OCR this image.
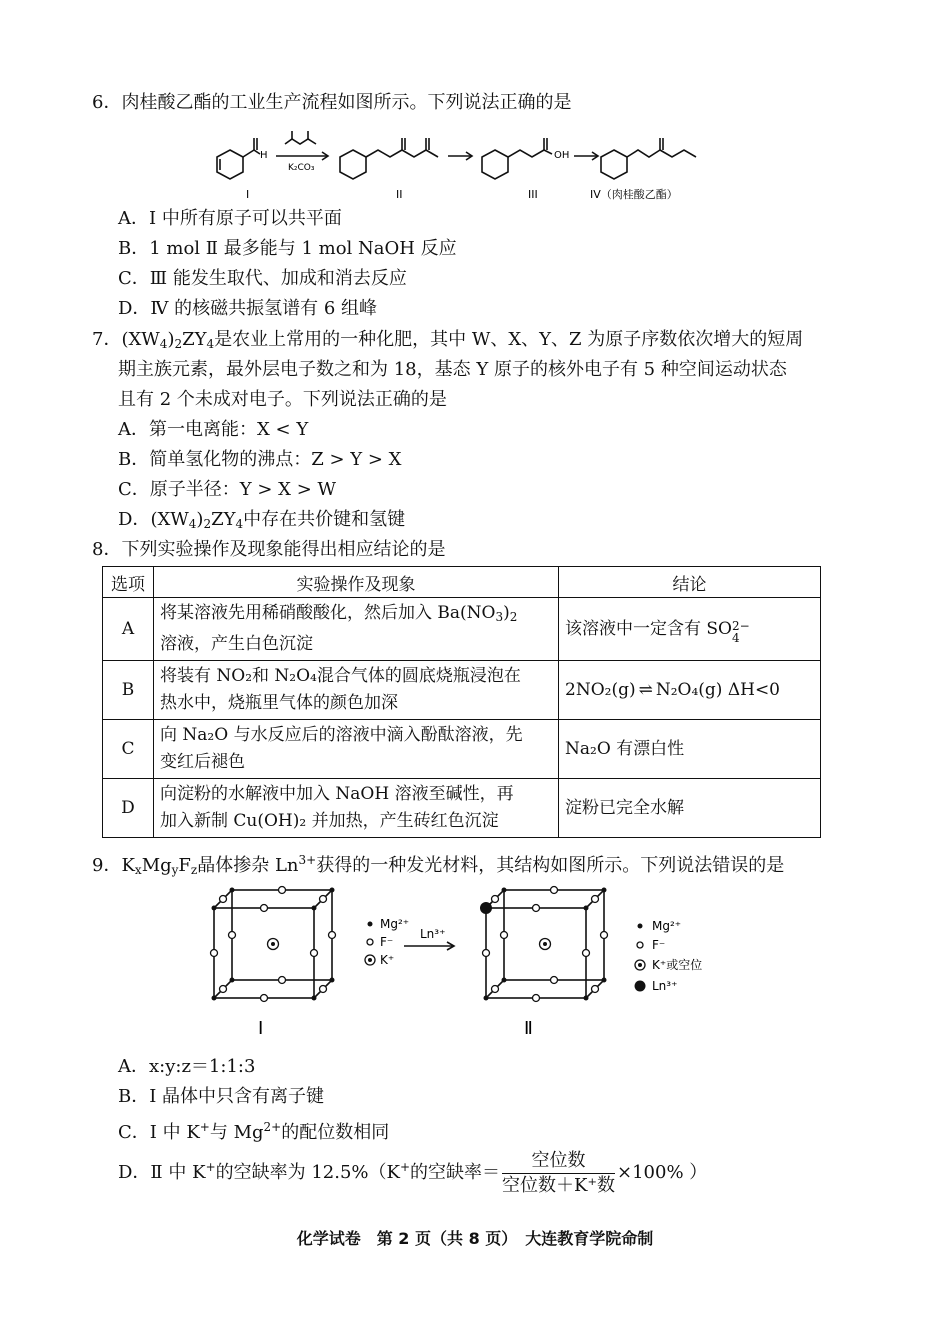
6．肉桂酸乙酯的工业生产流程如图所示。下列说法正确的是
H
K₂CO₃
OH
I	II	III	IV（肉桂酸乙酯）
A．Ⅰ 中所有原子可以共平面
B．1 mol Ⅱ 最多能与 1 mol NaOH 反应
C．Ⅲ 能发生取代、加成和消去反应
D．Ⅳ 的核磁共振氢谱有 6 组峰
7．$(XW_4)_2ZY_4$是农业上常用的一种化肥，其中 W、X、Y、Z 为原子序数依次增大的短周
期主族元素，最外层电子数之和为 18，基态 Y 原子的核外电子有 5 种空间运动状态
且有 2 个未成对电子。下列说法正确的是
A．第一电离能：X < Y
B．简单氢化物的沸点：Z > Y > X
C．原子半径：Y > X > W
D．$(XW_4)_2ZY_4$中存在共价键和氢键
8．下列实验操作及现象能得出相应结论的是
选项	实验操作及现象	结论
A	将某溶液先用稀硝酸酸化，然后加入 $Ba(NO_3)_2$
溶液，产生白色沉淀	该溶液中一定含有 SO 2−
4

B	将装有 NO₂和 N₂O₄混合气体的圆底烧瓶浸泡在
热水中，烧瓶里气体的颜色加深	2NO₂(g) ⇌ N₂O₄(g) ΔH<0
C	向 Na₂O 与水反应后的溶液中滴入酚酞溶液，先
变红后褪色	Na₂O 有漂白性
D	向淀粉的水解液中加入 NaOH 溶液至碱性，再
加入新制 Cu(OH)₂ 并加热，产生砖红色沉淀	淀粉已完全水解
9．$K_xMg_yF_z$晶体掺杂 $Ln^{3+}$获得的一种发光材料，其结构如图所示。下列说法错误的是
Mg²⁺
F⁻
K⁺
Ln³⁺
Mg²⁺
F⁻
K⁺或空位
Ln³⁺
Ⅰ	Ⅱ
A．x:y:z＝1:1:3
B．Ⅰ 晶体中只含有离子键
C．Ⅰ 中 K+与 $Mg^{2+}$的配位数相同
D．Ⅱ 中 K+的空缺率为 12.5%（K+的空缺率＝ $\frac{\text{空位数}}{\text{空位数＋K⁺数}} \times 100\%$ ）
化学试卷　第 2 页（共 8 页）　大连教育学院命制
